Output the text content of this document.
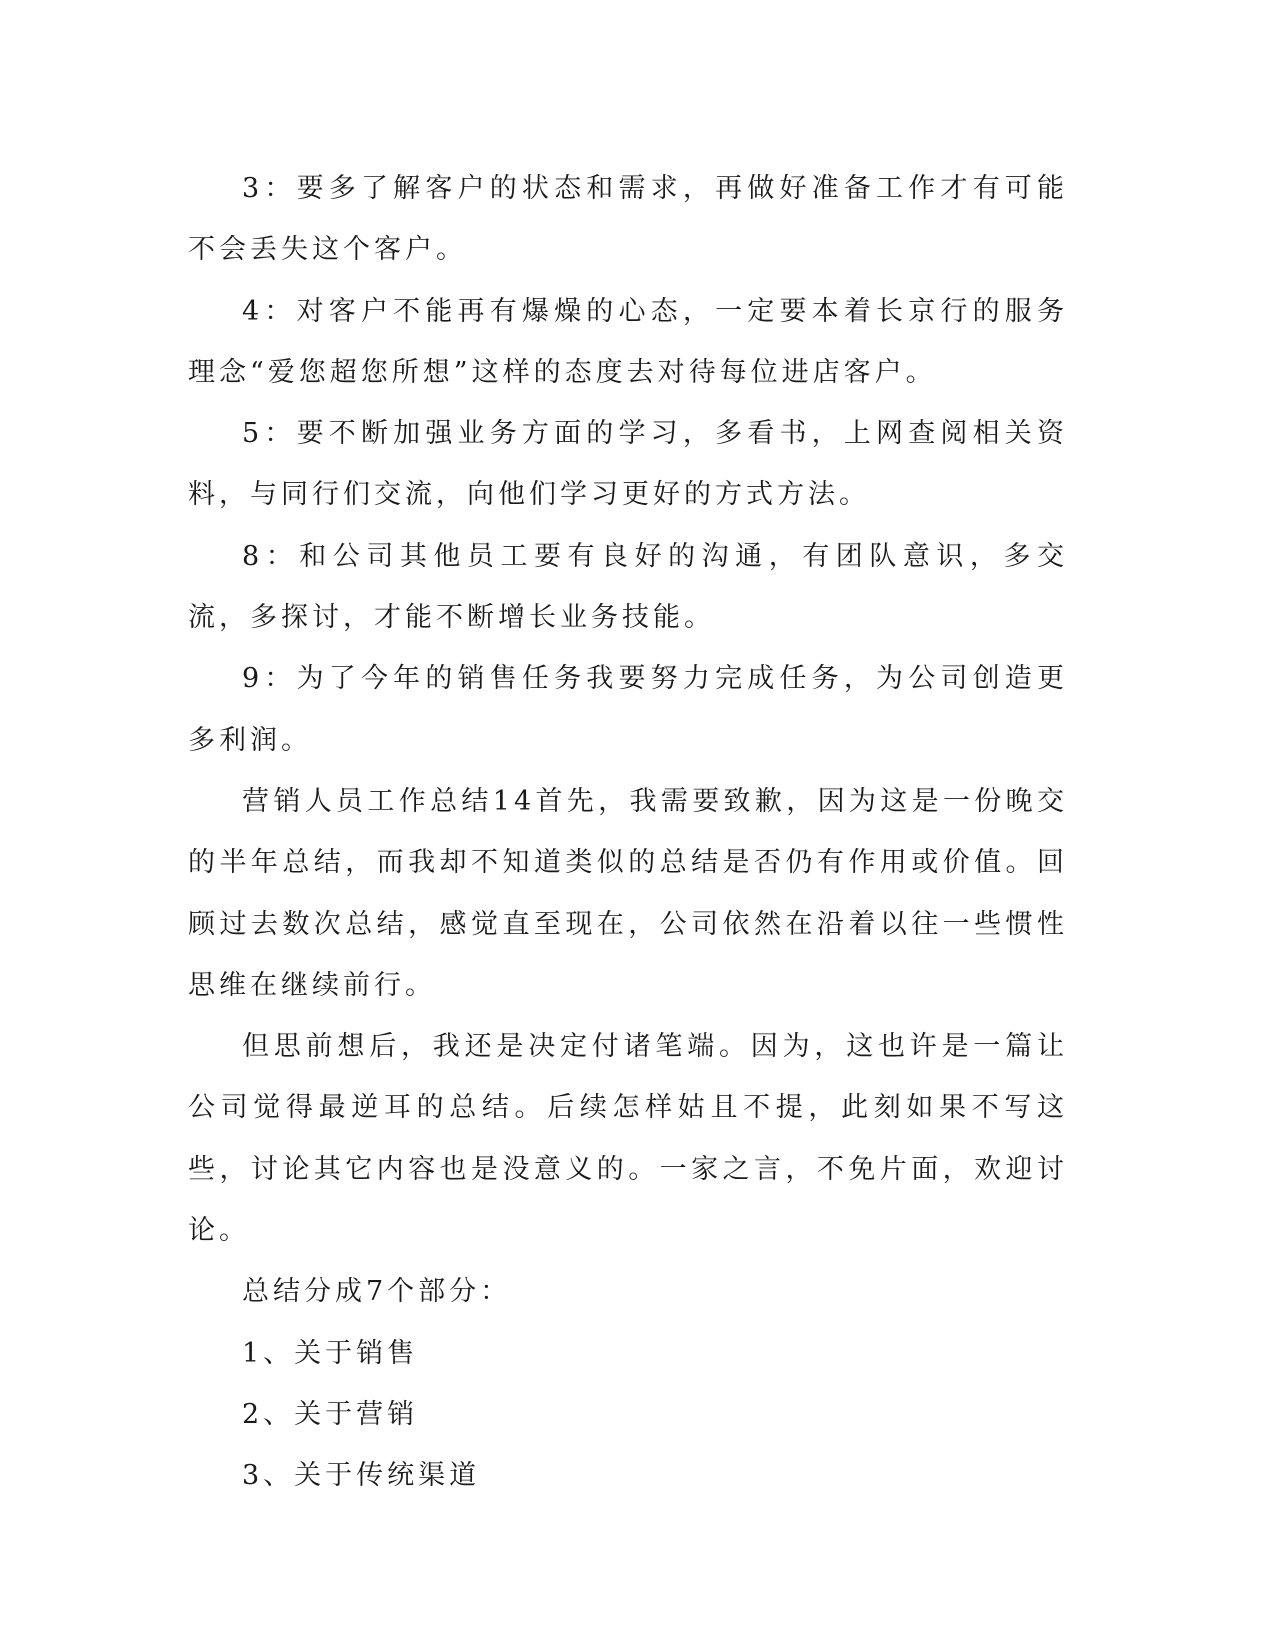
3：要多了解客户的状态和需求，再做好准备工作才有可能不会丢失这个客户。

4：对客户不能再有爆燥的心态，一定要本着长京行的服务理念“爱您超您所想”这样的态度去对待每位进店客户。

5：要不断加强业务方面的学习，多看书，上网查阅相关资料，与同行们交流，向他们学习更好的方式方法。

8：和公司其他员工要有良好的沟通，有团队意识，多交流，多探讨，才能不断增长业务技能。

9：为了今年的销售任务我要努力完成任务，为公司创造更多利润。

营销人员工作总结14首先，我需要致歉，因为这是一份晚交的半年总结，而我却不知道类似的总结是否仍有作用或价值。回顾过去数次总结，感觉直至现在，公司依然在沿着以往一些惯性思维在继续前行。

但思前想后，我还是决定付诸笔端。因为，这也许是一篇让公司觉得最逆耳的总结。后续怎样姑且不提，此刻如果不写这些，讨论其它内容也是没意义的。一家之言，不免片面，欢迎讨论。

总结分成7个部分：

1、关于销售

2、关于营销

3、关于传统渠道
